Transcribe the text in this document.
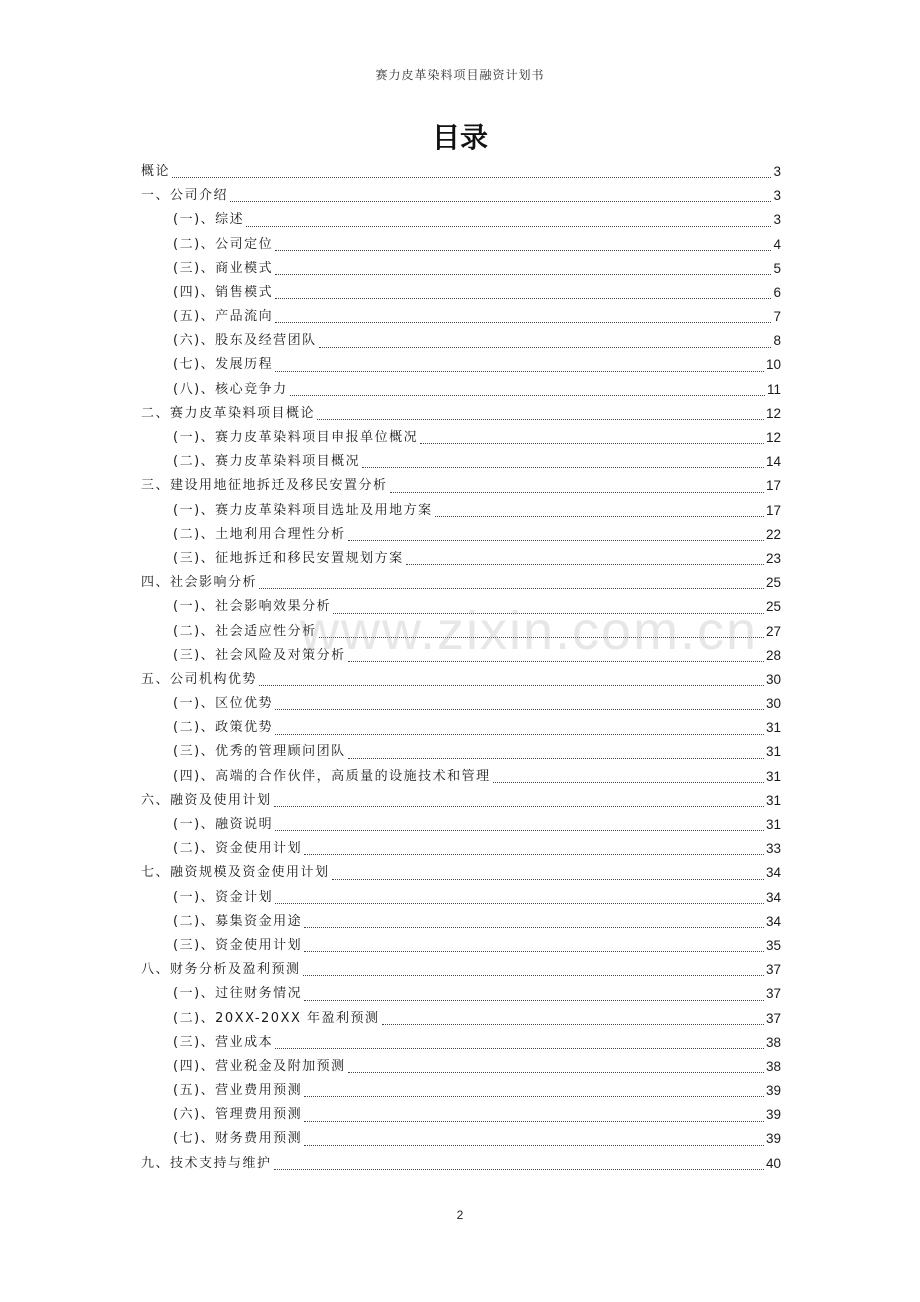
赛力皮革染料项目融资计划书
目录
概论	3
一、公司介绍	3
(一)、综述	3
(二)、公司定位	4
(三)、商业模式	5
(四)、销售模式	6
(五)、产品流向	7
(六)、股东及经营团队	8
(七)、发展历程	10
(八)、核心竞争力	11
二、赛力皮革染料项目概论	12
(一)、赛力皮革染料项目申报单位概况	12
(二)、赛力皮革染料项目概况	14
三、建设用地征地拆迁及移民安置分析	17
(一)、赛力皮革染料项目选址及用地方案	17
(二)、土地利用合理性分析	22
(三)、征地拆迁和移民安置规划方案	23
四、社会影响分析	25
(一)、社会影响效果分析	25
(二)、社会适应性分析	27
(三)、社会风险及对策分析	28
五、公司机构优势	30
(一)、区位优势	30
(二)、政策优势	31
(三)、优秀的管理顾问团队	31
(四)、高端的合作伙伴，高质量的设施技术和管理	31
六、融资及使用计划	31
(一)、融资说明	31
(二)、资金使用计划	33
七、融资规模及资金使用计划	34
(一)、资金计划	34
(二)、募集资金用途	34
(三)、资金使用计划	35
八、财务分析及盈利预测	37
(一)、过往财务情况	37
(二)、20XX-20XX 年盈利预测	37
(三)、营业成本	38
(四)、营业税金及附加预测	38
(五)、营业费用预测	39
(六)、管理费用预测	39
(七)、财务费用预测	39
九、技术支持与维护	40
www.zixin.com.cn
2
